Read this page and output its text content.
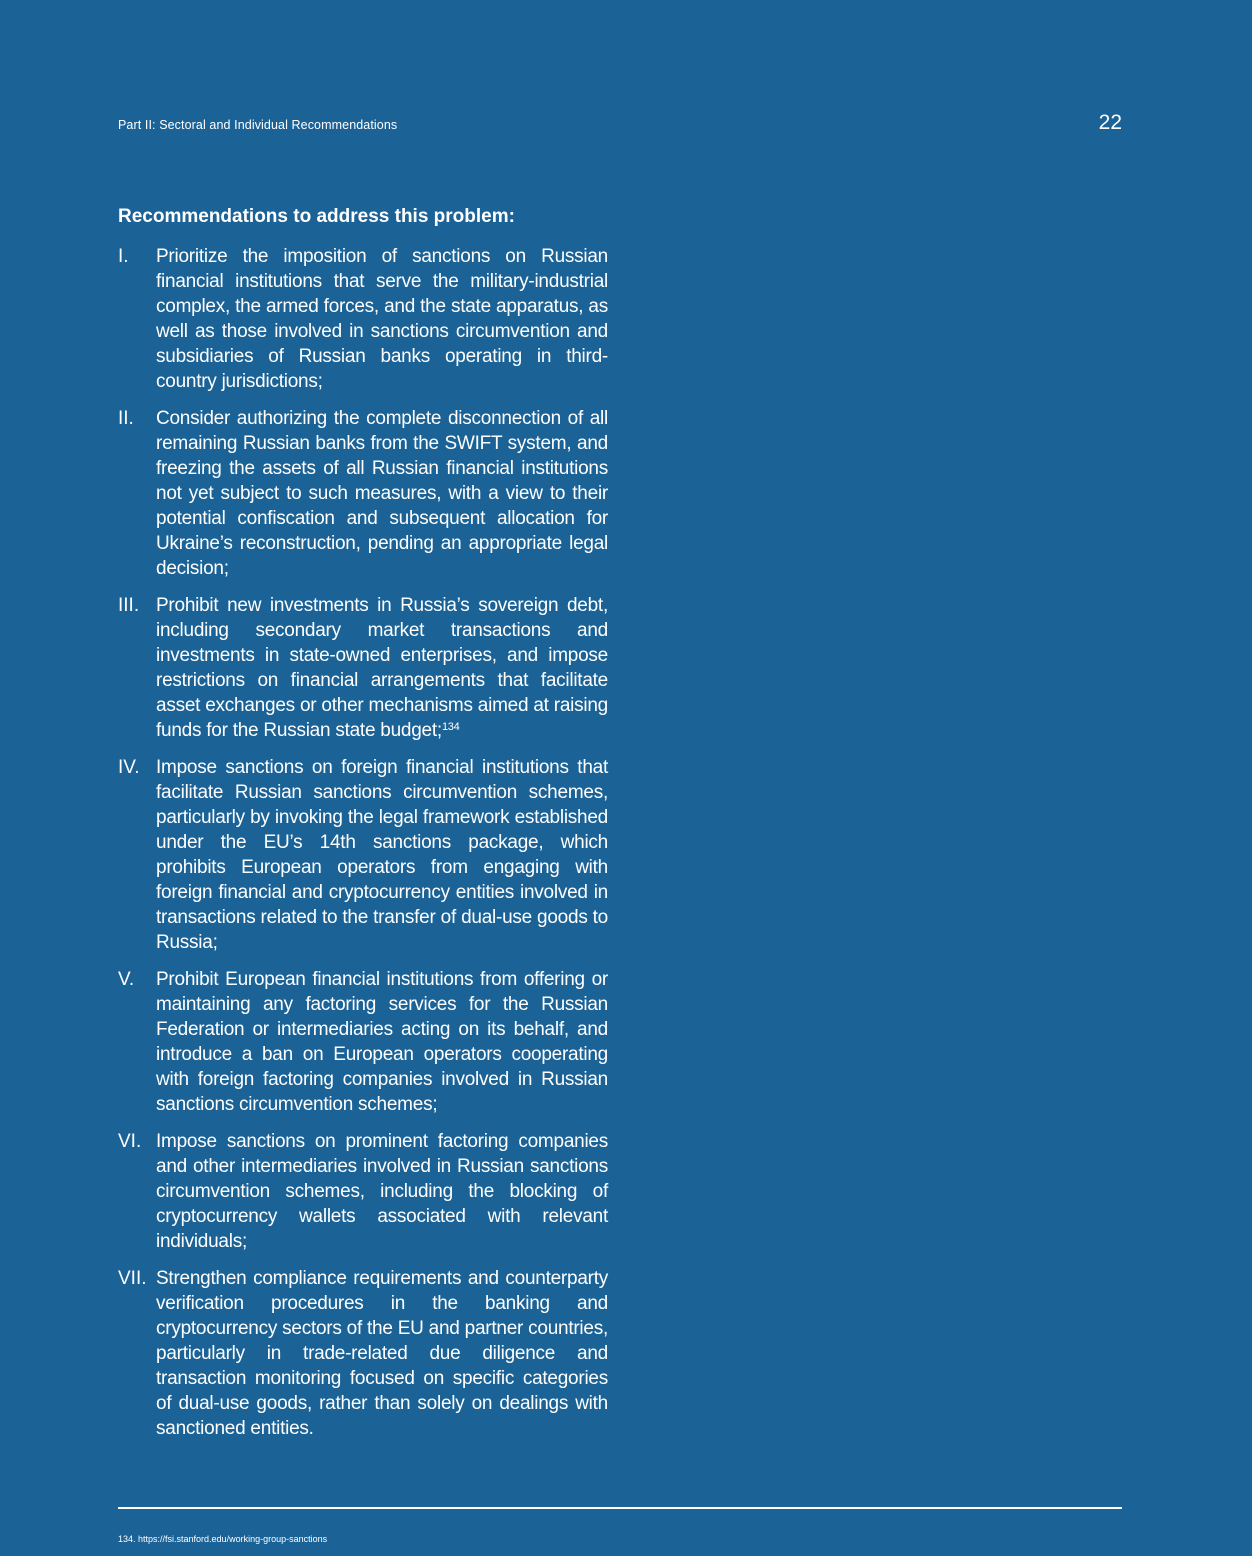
Part II: Sectoral and Individual Recommendations	22
Recommendations to address this problem:
I.	Prioritize the imposition of sanctions on Russian financial institutions that serve the military-industrial complex, the armed forces, and the state apparatus, as well as those involved in sanctions circumvention and subsidiaries of Russian banks operating in third-country jurisdictions;
II.	Consider authorizing the complete disconnection of all remaining Russian banks from the SWIFT system, and freezing the assets of all Russian financial institutions not yet subject to such measures, with a view to their potential confiscation and subsequent allocation for Ukraine’s reconstruction, pending an appropriate legal decision;
III. Prohibit new investments in Russia’s sovereign debt, including secondary market transactions and investments in state-owned enterprises, and impose restrictions on financial arrangements that facilitate asset exchanges or other mechanisms aimed at raising funds for the Russian state budget;$^{134}$
IV. Impose sanctions on foreign financial institutions that facilitate Russian sanctions circumvention schemes, particularly by invoking the legal framework established under the EU’s 14th sanctions package, which prohibits European operators from engaging with foreign financial and cryptocurrency entities involved in transactions related to the transfer of dual-use goods to Russia;
V.	Prohibit European financial institutions from offering or maintaining any factoring services for the Russian Federation or intermediaries acting on its behalf, and introduce a ban on European operators cooperating with foreign factoring companies involved in Russian sanctions circumvention schemes;
VI. Impose sanctions on prominent factoring companies and other intermediaries involved in Russian sanctions circumvention schemes, including the blocking of cryptocurrency wallets associated with relevant individuals;
VII. Strengthen compliance requirements and counterparty verification procedures in the banking and cryptocurrency sectors of the EU and partner countries, particularly in trade-related due diligence and transaction monitoring focused on specific categories of dual-use goods, rather than solely on dealings with sanctioned entities.
134. https://fsi.stanford.edu/working-group-sanctions
